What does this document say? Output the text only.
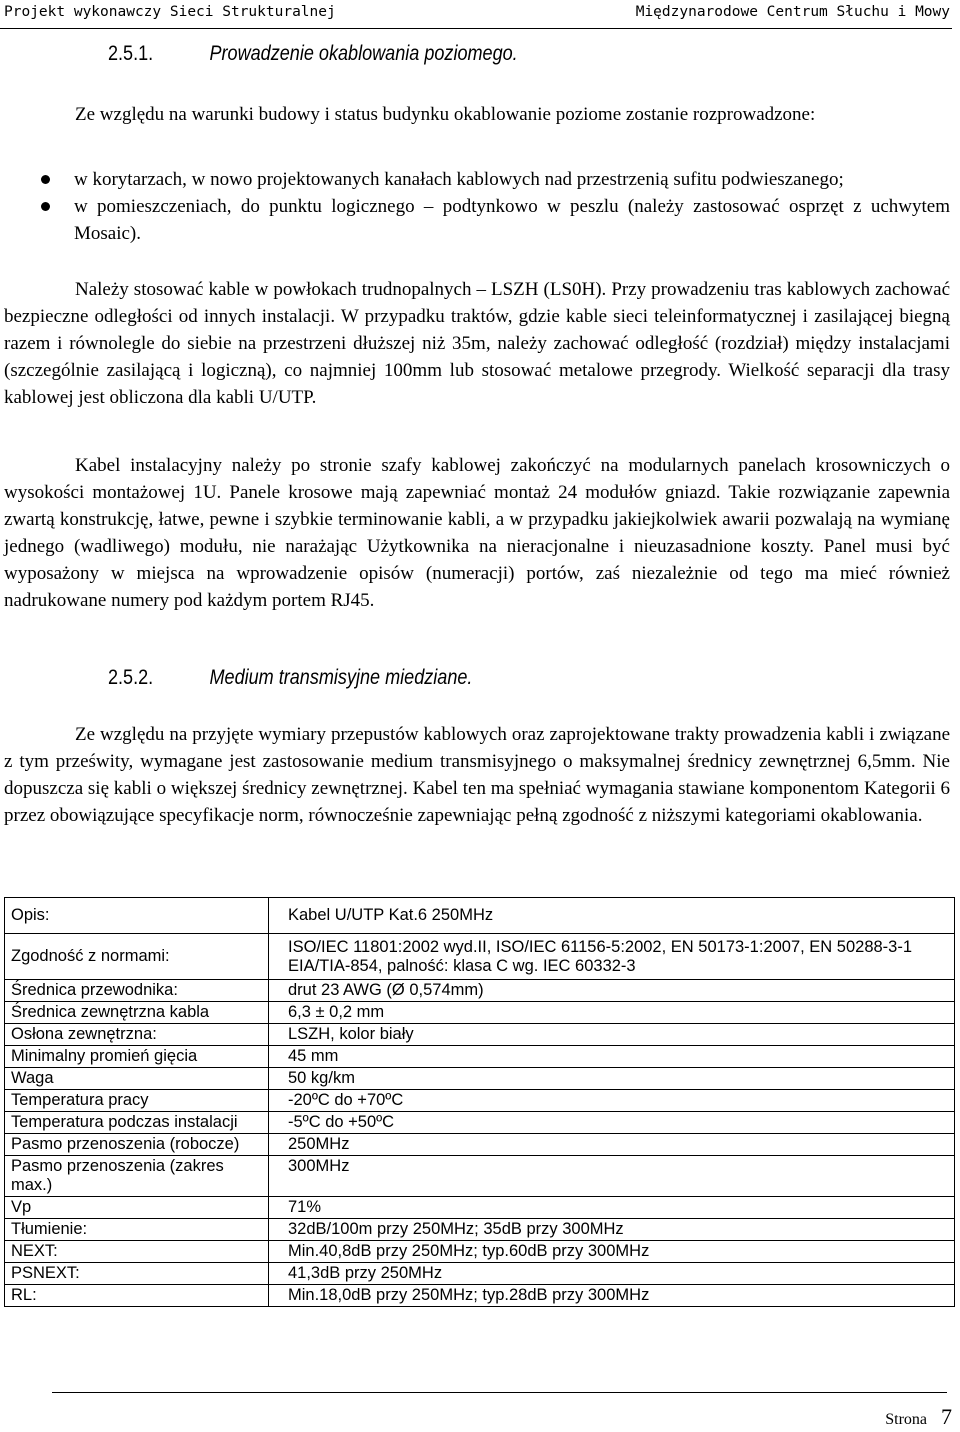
Projekt wykonawczy Sieci Strukturalnej	Międzynarodowe Centrum Słuchu i Mowy
2.5.1.	Prowadzenie okablowania poziomego.

Ze względu na warunki budowy i status budynku okablowanie poziome zostanie rozprowadzone:

w korytarzach, w nowo projektowanych kanałach kablowych nad przestrzenią sufitu podwieszanego;
w pomieszczeniach, do punktu logicznego – podtynkowo w peszlu (należy zastosować osprzęt z uchwytem Mosaic).

Należy stosować kable w powłokach trudnopalnych – LSZH (LS0H). Przy prowadzeniu tras kablowych zachować bezpieczne odległości od innych instalacji. W przypadku traktów, gdzie kable sieci teleinformatycznej i zasilającej biegną razem i równolegle do siebie na przestrzeni dłuższej niż 35m, należy zachować odległość (rozdział) między instalacjami (szczególnie zasilającą i logiczną), co najmniej 100mm lub stosować metalowe przegrody. Wielkość separacji dla trasy kablowej jest obliczona dla kabli U/UTP.

Kabel instalacyjny należy po stronie szafy kablowej zakończyć na modularnych panelach krosowniczych o wysokości montażowej 1U. Panele krosowe mają zapewniać montaż 24 modułów gniazd. Takie rozwiązanie zapewnia zwartą konstrukcję, łatwe, pewne i szybkie terminowanie kabli, a w przypadku jakiejkolwiek awarii pozwalają na wymianę jednego (wadliwego) modułu, nie narażając Użytkownika na nieracjonalne i nieuzasadnione koszty. Panel musi być wyposażony w miejsca na wprowadzenie opisów (numeracji) portów, zaś niezależnie od tego ma mieć również nadrukowane numery pod każdym portem RJ45.

2.5.2.	Medium transmisyjne miedziane.

Ze względu na przyjęte wymiary przepustów kablowych oraz zaprojektowane trakty prowadzenia kabli i związane z tym prześwity, wymagane jest zastosowanie medium transmisyjnego o maksymalnej średnicy zewnętrznej 6,5mm. Nie dopuszcza się kabli o większej średnicy zewnętrznej. Kabel ten ma spełniać wymagania stawiane komponentom Kategorii 6 przez obowiązujące specyfikacje norm, równocześnie zapewniając pełną zgodność z niższymi kategoriami okablowania.

Opis:	Kabel U/UTP Kat.6 250MHz
Zgodność z normami:	ISO/IEC 11801:2002 wyd.II, ISO/IEC 61156-5:2002, EN 50173-1:2007, EN 50288-3-1 EIA/TIA-854, palność: klasa C wg. IEC 60332-3
Średnica przewodnika:	drut 23 AWG (Ø 0,574mm)
Średnica zewnętrzna kabla	6,3 ± 0,2 mm
Osłona zewnętrzna:	LSZH, kolor biały
Minimalny promień gięcia	45 mm
Waga	50 kg/km
Temperatura pracy	-20ºC do +70ºC
Temperatura podczas instalacji	-5ºC do +50ºC
Pasmo przenoszenia (robocze)	250MHz
Pasmo przenoszenia (zakres max.)	300MHz
Vp	71%
Tłumienie:	32dB/100m przy 250MHz; 35dB przy 300MHz
NEXT:	Min.40,8dB przy 250MHz; typ.60dB przy 300MHz
PSNEXT:	41,3dB przy 250MHz
RL:	Min.18,0dB przy 250MHz; typ.28dB przy 300MHz
Strona 7
